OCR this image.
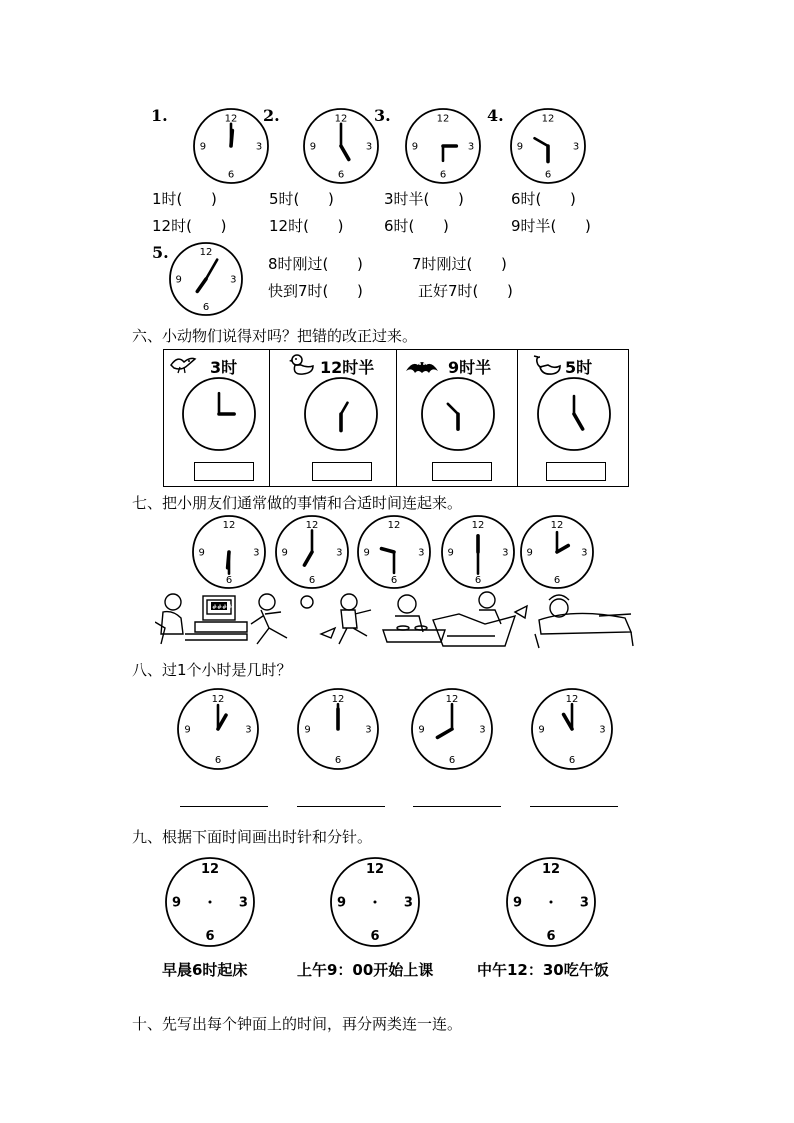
1.	2.	3.	4.
12
3
6
9
12
3
6
9
12
3
6
9
12
3
6
9
1时( )	5时( )	3时半( )	6时( )
12时( )	12时( )	6时( )	9时半( )
5.	12
3
6
9
8时刚过( )	7时刚过( )
快到7时( )	正好7时( )
六、小动物们说得对吗？把错的改正过来。
3时	12时半	9时半	5时
七、把小朋友们通常做的事情和合适时间连起来。
12
3
6
9
12
3
6
9
12
3
6
9
12
3
6
9
12
3
6
9
####
八、过1个小时是几时？
12
3
6
9
12
3
6
9
12
3
6
9
12
3
6
9
九、根据下面时间画出时针和分针。
12
3
6
9
12
3
6
9
12
3
6
9
早晨6时起床	上午9：00开始上课	中午12：30吃午饭
十、先写出每个钟面上的时间，再分两类连一连。
